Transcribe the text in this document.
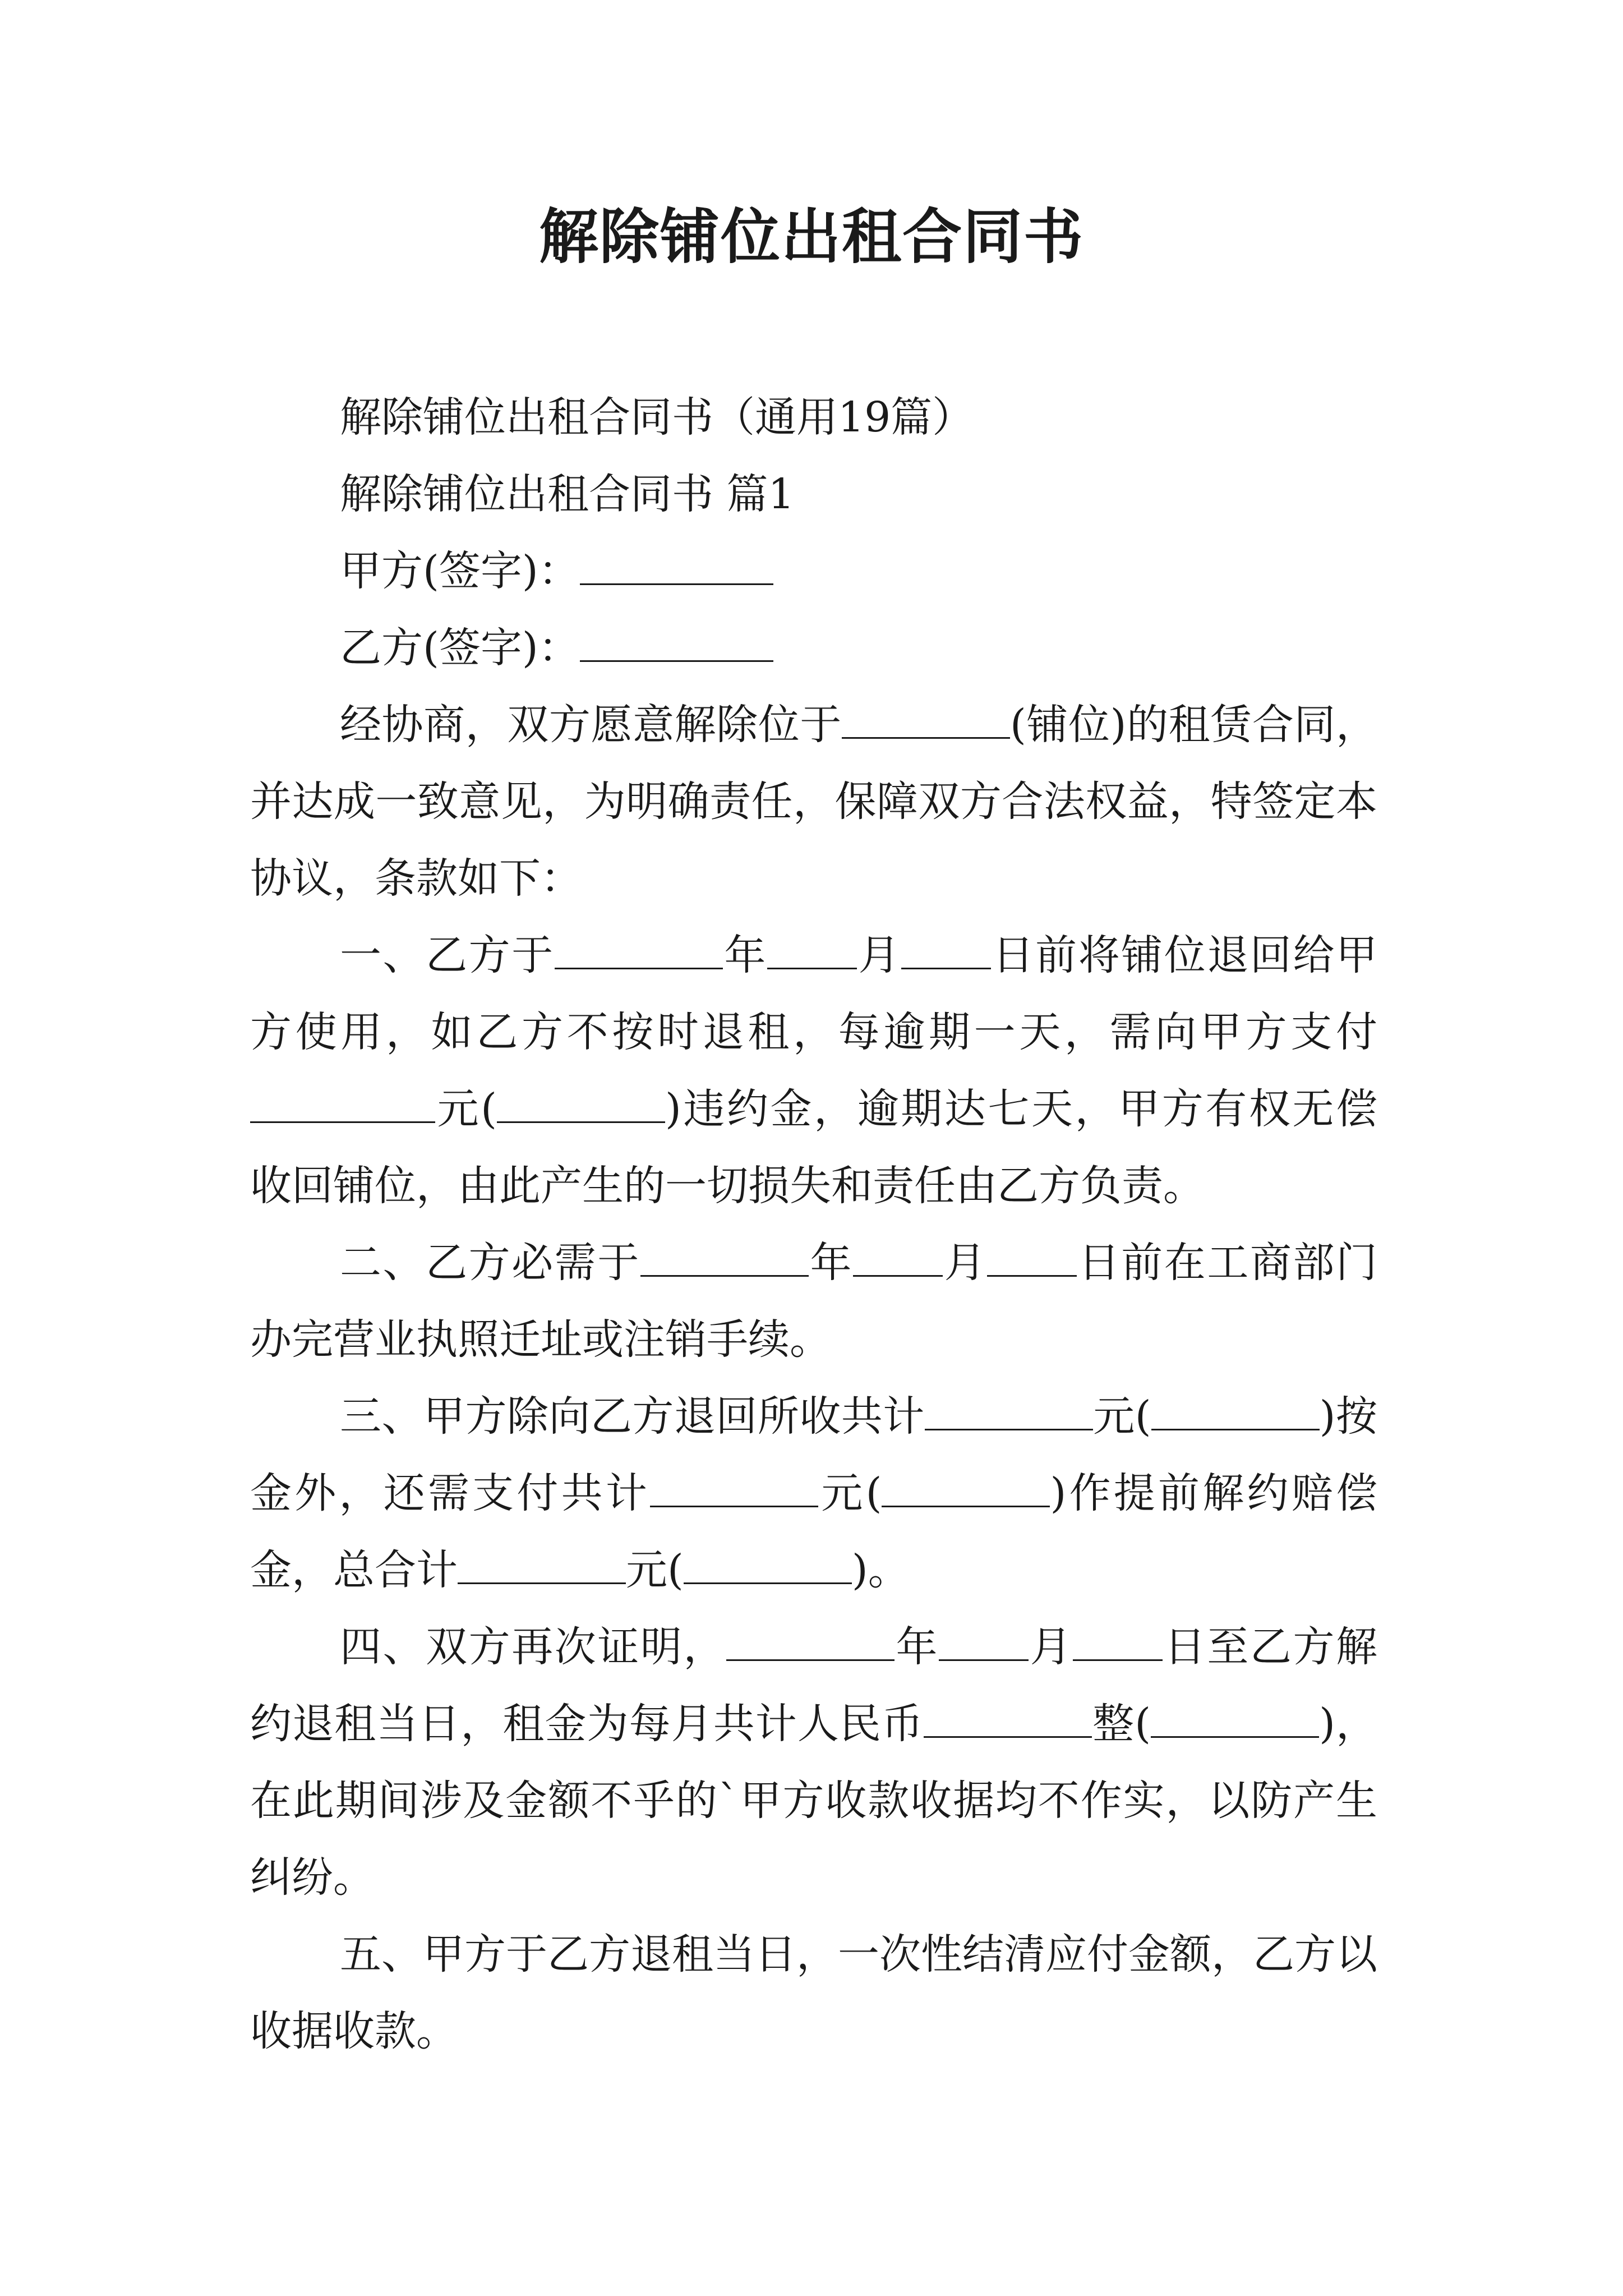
解除铺位出租合同书

解除铺位出租合同书（通用19篇）

解除铺位出租合同书 篇1

甲方(签字)：

乙方(签字)：

经协商，双方愿意解除位于	(铺位)的租赁合同，并达成一致意见，为明确责任，保障双方合法权益，特签定本协议，条款如下：

一、乙方于	年 月 日前将铺位退回给甲方使用，如乙方不按时退租，每逾期一天，需向甲方支付元(	)违约金，逾期达七天，甲方有权无偿收回铺位，由此产生的一切损失和责任由乙方负责。

二、乙方必需于	年 月 日前在工商部门办完营业执照迁址或注销手续。

三、甲方除向乙方退回所收共计	元(	)按金外，还需支付共计	元(	)作提前解约赔偿金，总合计	元(	)。

四、双方再次证明，	年 月 日至乙方解约退租当日，租金为每月共计人民币	整(	)，在此期间涉及金额不乎的`甲方收款收据均不作实，以防产生纠纷。

五、甲方于乙方退租当日，一次性结清应付金额，乙方以收据收款。
